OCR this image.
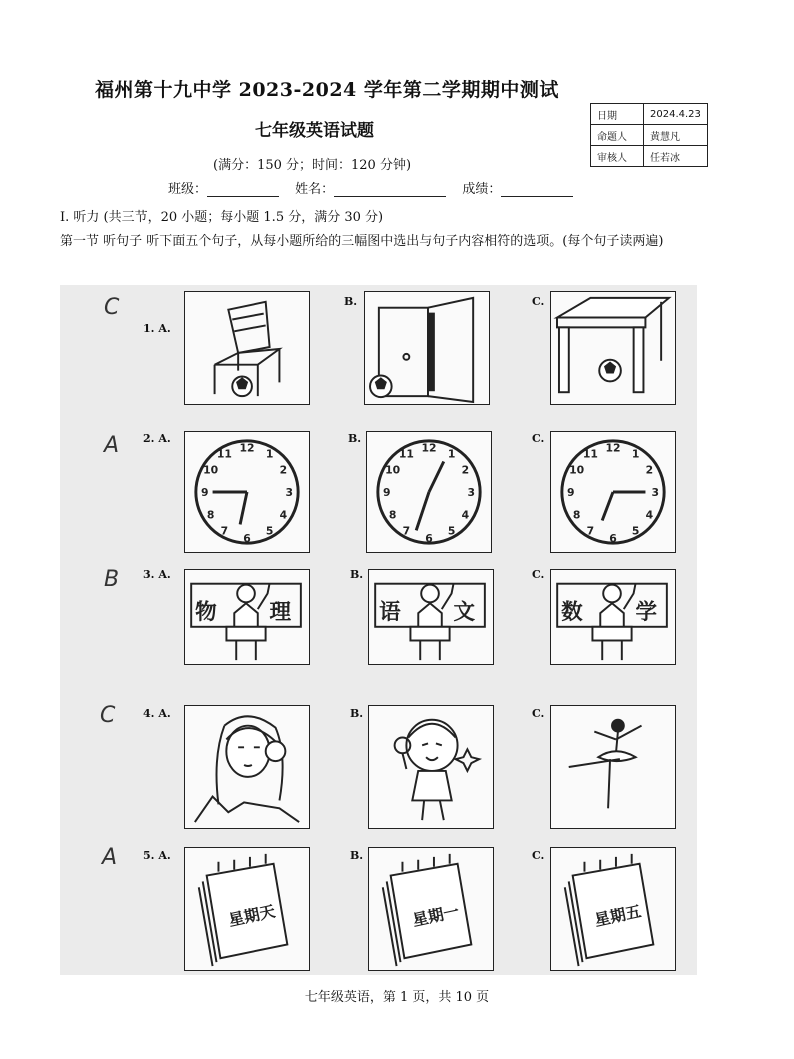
福州第十九中学 2023-2024 学年第二学期期中测试
七年级英语试题
日期	2024.4.23
命题人	黄慧凡
审核人	任若冰
(满分：150 分；时间：120 分钟)
班级：	姓名：	成绩：
Ⅰ. 听力 (共三节，20 小题；每小题 1.5 分，满分 30 分)
第一节 听句子 听下面五个句子，从每小题所给的三幅图中选出与句子内容相符的选项。(每个句子读两遍)
C
1. A.
B.	C.
A 2. A.
12
6
3
9
1
2
4
5
7
8
10
11
B.
12
6
3
9
1
2
4
5
7
8
10
11
C.
12
6
3
9
1
2
4
5
7
8
10
11
B 3. A.
物 理
B.
语 文
C.
数 学
C	4. A.	B.	C.
A 5. A.
星期天
B.
星期一
C.
星期五
七年级英语，第 1 页，共 10 页
